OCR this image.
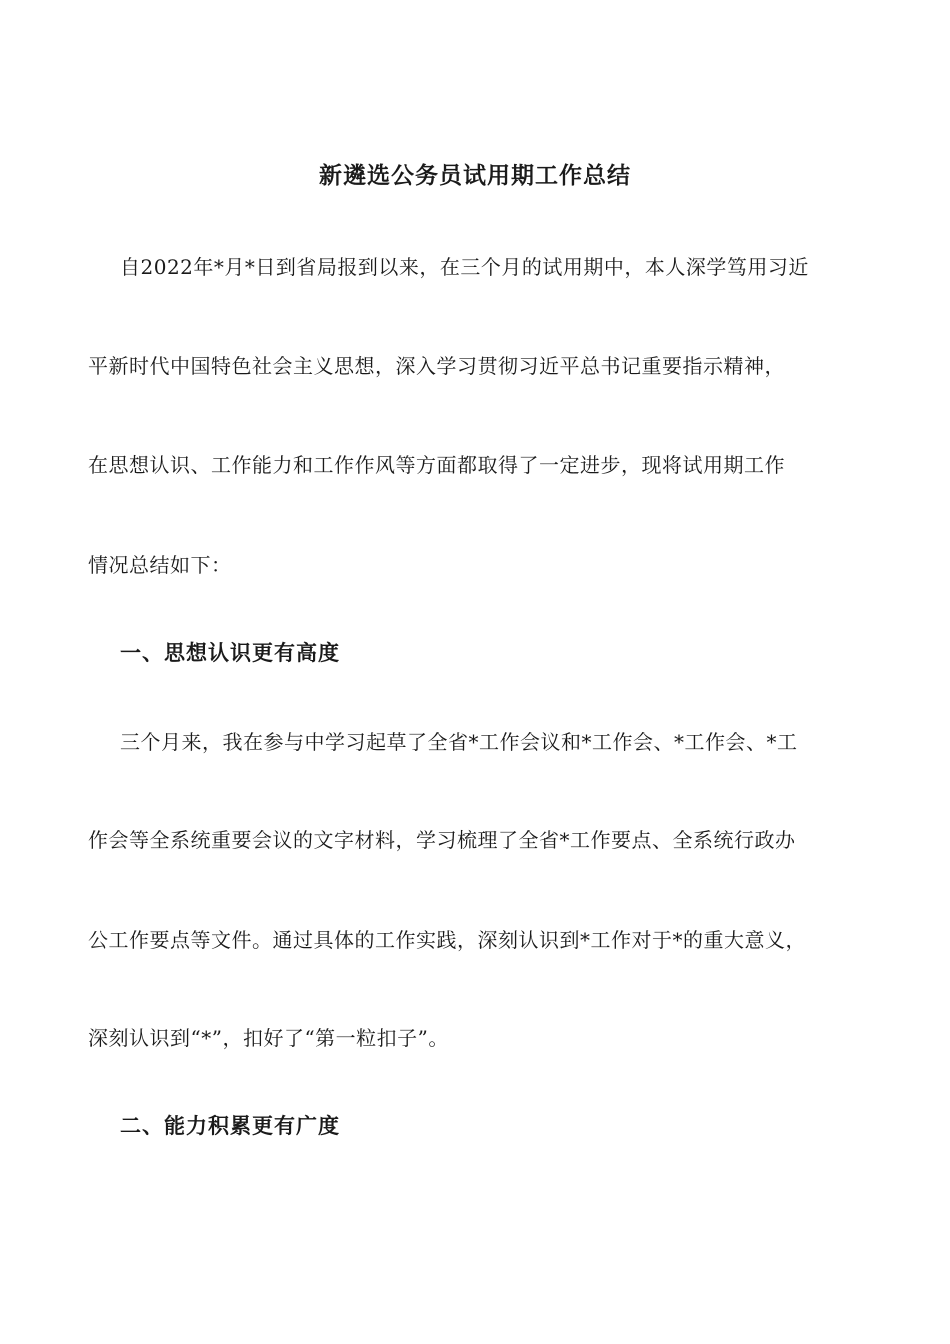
新遴选公务员试用期工作总结

自2022年*月*日到省局报到以来，在三个月的试用期中，本人深学笃用习近

平新时代中国特色社会主义思想，深入学习贯彻习近平总书记重要指示精神，

在思想认识、工作能力和工作作风等方面都取得了一定进步，现将试用期工作

情况总结如下：

一、思想认识更有高度

三个月来，我在参与中学习起草了全省*工作会议和*工作会、*工作会、*工

作会等全系统重要会议的文字材料，学习梳理了全省*工作要点、全系统行政办

公工作要点等文件。通过具体的工作实践，深刻认识到*工作对于*的重大意义，

深刻认识到“*”，扣好了“第一粒扣子”。

二、能力积累更有广度
